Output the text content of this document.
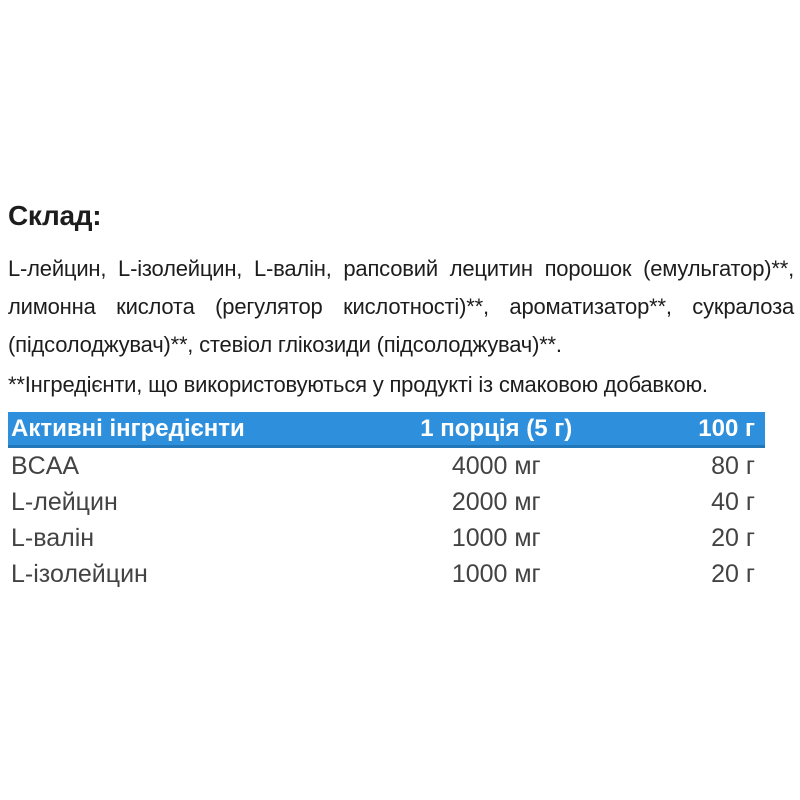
Склад:
L-лейцин, L-ізолейцин, L-валін, рапсовий лецитин порошок (емульгатор)**,
лимонна кислота (регулятор кислотності)**, ароматизатор**, сукралоза
(підсолоджувач)**, стевіол глікозиди (підсолоджувач)**.
**Інгредієнти, що використовуються у продукті із смаковою добавкою.
Активні інгредієнти	1 порція (5 г)	100 г
BCAA	4000 мг	80 г
L-лейцин	2000 мг	40 г
L-валін	1000 мг	20 г
L-ізолейцин	1000 мг	20 г
